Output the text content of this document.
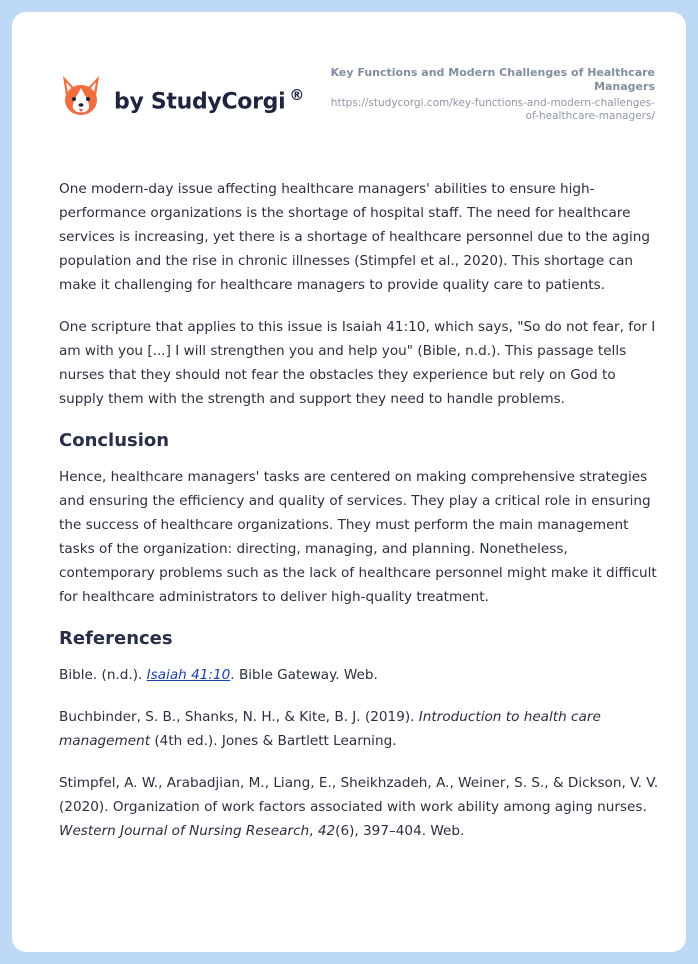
by StudyCorgi ®
Key Functions and Modern Challenges of Healthcare Managers
https://studycorgi.com/key-functions-and-modern-challenges-of-healthcare-managers/

One modern-day issue affecting healthcare managers' abilities to ensure high-performance organizations is the shortage of hospital staff. The need for healthcare services is increasing, yet there is a shortage of healthcare personnel due to the aging population and the rise in chronic illnesses (Stimpfel et al., 2020). This shortage can make it challenging for healthcare managers to provide quality care to patients.

One scripture that applies to this issue is Isaiah 41:10, which says, "So do not fear, for I am with you [...] I will strengthen you and help you" (Bible, n.d.). This passage tells nurses that they should not fear the obstacles they experience but rely on God to supply them with the strength and support they need to handle problems.

Conclusion

Hence, healthcare managers' tasks are centered on making comprehensive strategies and ensuring the efficiency and quality of services. They play a critical role in ensuring the success of healthcare organizations. They must perform the main management tasks of the organization: directing, managing, and planning. Nonetheless, contemporary problems such as the lack of healthcare personnel might make it difficult for healthcare administrators to deliver high-quality treatment.

References

Bible. (n.d.). Isaiah 41:10. Bible Gateway. Web.

Buchbinder, S. B., Shanks, N. H., & Kite, B. J. (2019). Introduction to health care management (4th ed.). Jones & Bartlett Learning.

Stimpfel, A. W., Arabadjian, M., Liang, E., Sheikhzadeh, A., Weiner, S. S., & Dickson, V. V. (2020). Organization of work factors associated with work ability among aging nurses. Western Journal of Nursing Research, 42(6), 397–404. Web.
